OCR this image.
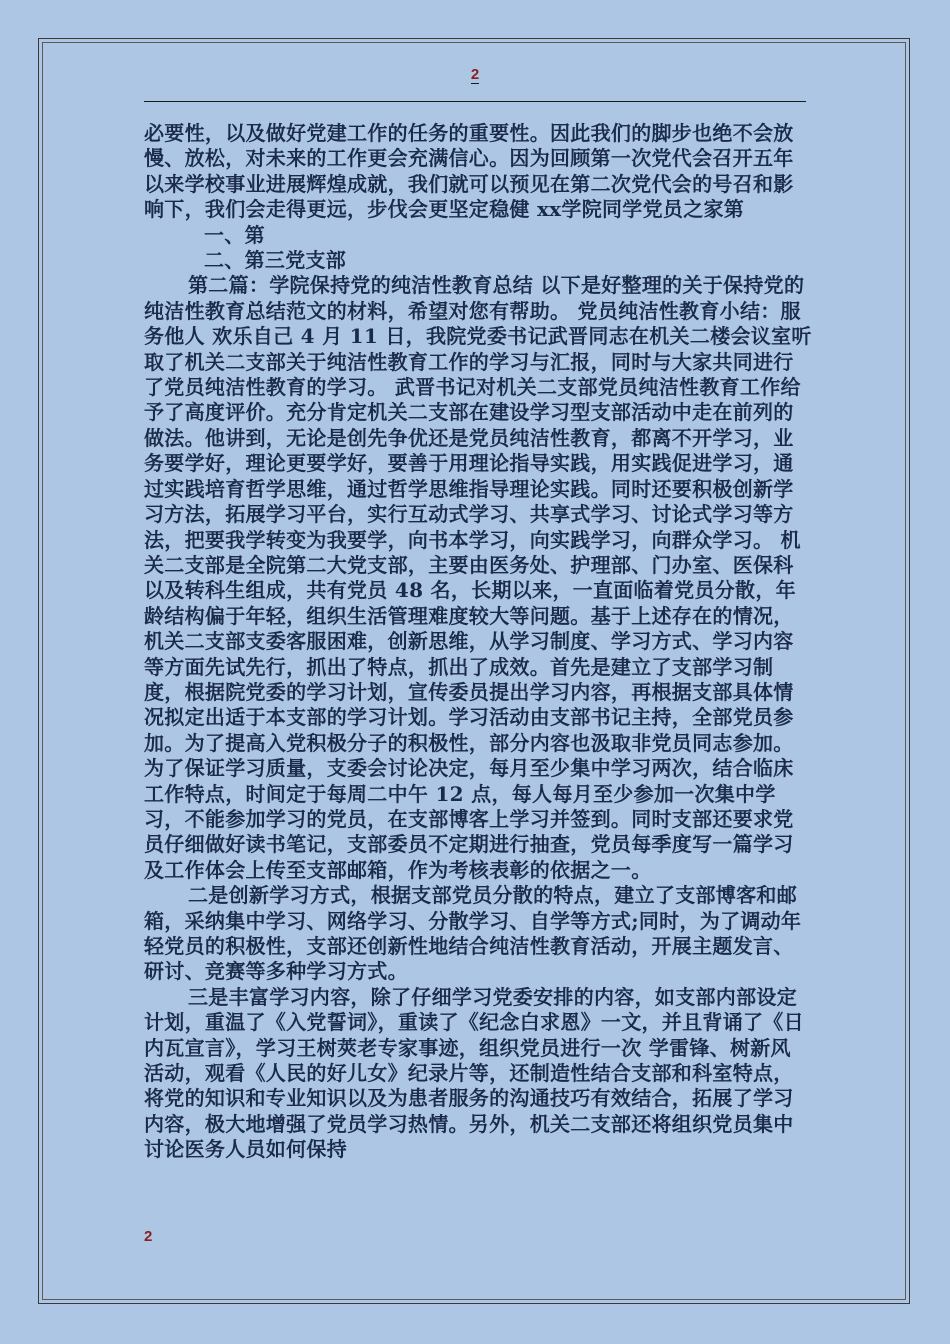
2

必要性，以及做好党建工作的任务的重要性。因此我们的脚步也绝不会放慢、放松，对未来的工作更会充满信心。因为回顾第一次党代会召开五年以来学校事业进展辉煌成就，我们就可以预见在第二次党代会的号召和影响下，我们会走得更远，步伐会更坚定稳健 xx学院同学党员之家第

一、第

二、第三党支部

第二篇：学院保持党的纯洁性教育总结 以下是好整理的关于保持党的纯洁性教育总结范文的材料，希望对您有帮助。 党员纯洁性教育小结：服务他人 欢乐自己 4 月 11 日，我院党委书记武晋同志在机关二楼会议室听取了机关二支部关于纯洁性教育工作的学习与汇报，同时与大家共同进行了党员纯洁性教育的学习。 武晋书记对机关二支部党员纯洁性教育工作给予了高度评价。充分肯定机关二支部在建设学习型支部活动中走在前列的做法。他讲到，无论是创先争优还是党员纯洁性教育，都离不开学习，业务要学好，理论更要学好，要善于用理论指导实践，用实践促进学习，通过实践培育哲学思维，通过哲学思维指导理论实践。同时还要积极创新学习方法，拓展学习平台，实行互动式学习、共享式学习、讨论式学习等方法，把要我学转变为我要学，向书本学习，向实践学习，向群众学习。 机关二支部是全院第二大党支部，主要由医务处、护理部、门办室、医保科以及转科生组成，共有党员 48 名，长期以来，一直面临着党员分散，年龄结构偏于年轻，组织生活管理难度较大等问题。基于上述存在的情况，机关二支部支委客服困难，创新思维，从学习制度、学习方式、学习内容等方面先试先行，抓出了特点，抓出了成效。首先是建立了支部学习制度，根据院党委的学习计划，宣传委员提出学习内容，再根据支部具体情况拟定出适于本支部的学习计划。学习活动由支部书记主持，全部党员参加。为了提高入党积极分子的积极性，部分内容也汲取非党员同志参加。为了保证学习质量，支委会讨论决定，每月至少集中学习两次，结合临床工作特点，时间定于每周二中午 12 点，每人每月至少参加一次集中学习，不能参加学习的党员，在支部博客上学习并签到。同时支部还要求党员仔细做好读书笔记，支部委员不定期进行抽查，党员每季度写一篇学习及工作体会上传至支部邮箱，作为考核表彰的依据之一。

二是创新学习方式，根据支部党员分散的特点，建立了支部博客和邮箱，采纳集中学习、网络学习、分散学习、自学等方式;同时，为了调动年轻党员的积极性，支部还创新性地结合纯洁性教育活动，开展主题发言、研讨、竞赛等多种学习方式。

三是丰富学习内容，除了仔细学习党委安排的内容，如支部内部设定计划，重温了《入党誓词》，重读了《纪念白求恩》一文，并且背诵了《日内瓦宣言》，学习王树莢老专家事迹，组织党员进行一次 学雷锋、树新风 活动，观看《人民的好儿女》纪录片等，还制造性结合支部和科室特点，将党的知识和专业知识以及为患者服务的沟通技巧有效结合，拓展了学习内容，极大地增强了党员学习热情。另外，机关二支部还将组织党员集中讨论医务人员如何保持

2
